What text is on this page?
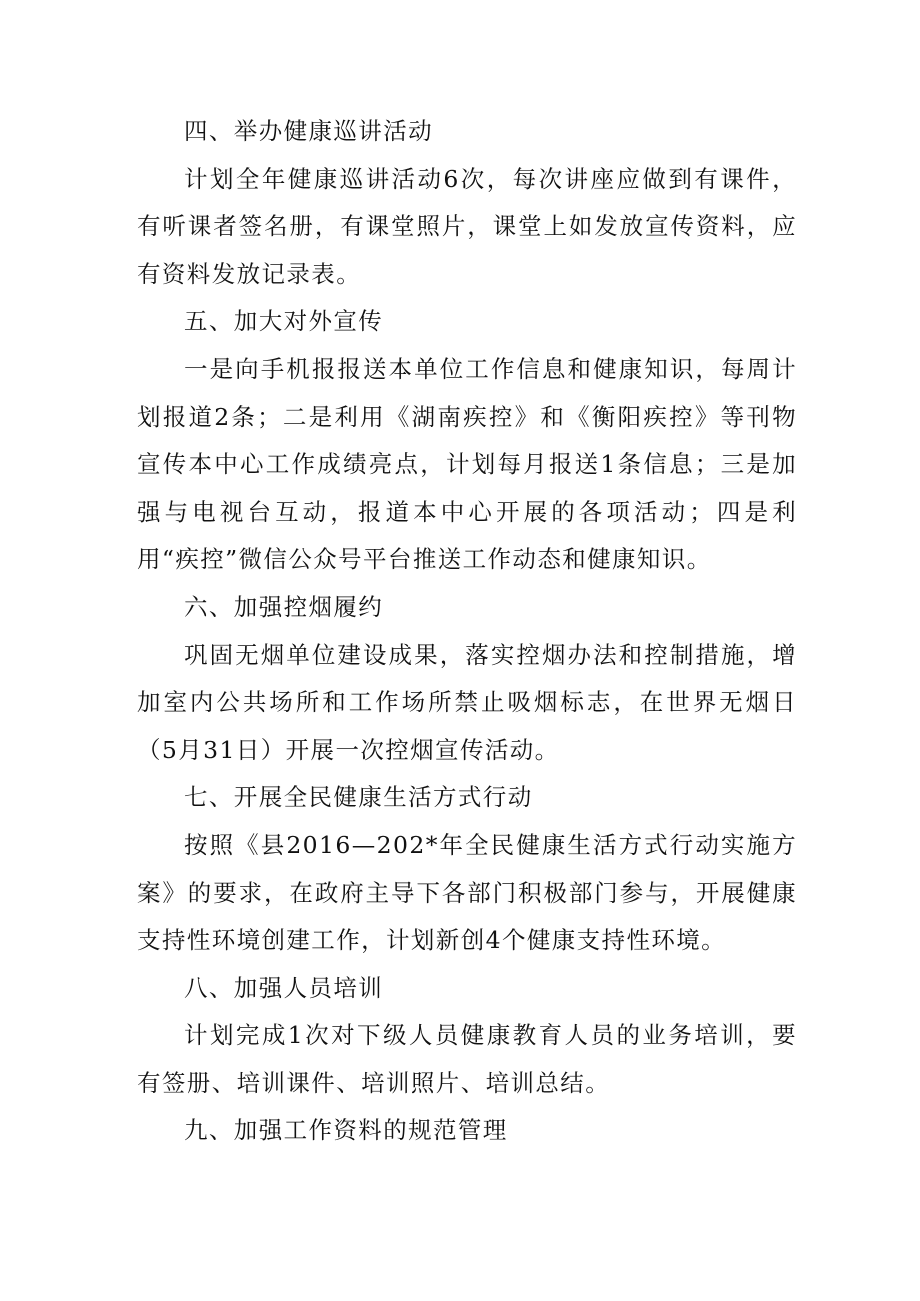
四、举办健康巡讲活动

计划全年健康巡讲活动6次，每次讲座应做到有课件，有听课者签名册，有课堂照片，课堂上如发放宣传资料，应有资料发放记录表。

五、加大对外宣传

一是向手机报报送本单位工作信息和健康知识，每周计划报道2条；二是利用《湖南疾控》和《衡阳疾控》等刊物宣传本中心工作成绩亮点，计划每月报送1条信息；三是加强与电视台互动，报道本中心开展的各项活动；四是利用“疾控”微信公众号平台推送工作动态和健康知识。

六、加强控烟履约

巩固无烟单位建设成果，落实控烟办法和控制措施，增加室内公共场所和工作场所禁止吸烟标志，在世界无烟日（5月31日）开展一次控烟宣传活动。

七、开展全民健康生活方式行动

按照《县2016—202*年全民健康生活方式行动实施方案》的要求，在政府主导下各部门积极部门参与，开展健康支持性环境创建工作，计划新创4个健康支持性环境。

八、加强人员培训

计划完成1次对下级人员健康教育人员的业务培训，要有签册、培训课件、培训照片、培训总结。

九、加强工作资料的规范管理
